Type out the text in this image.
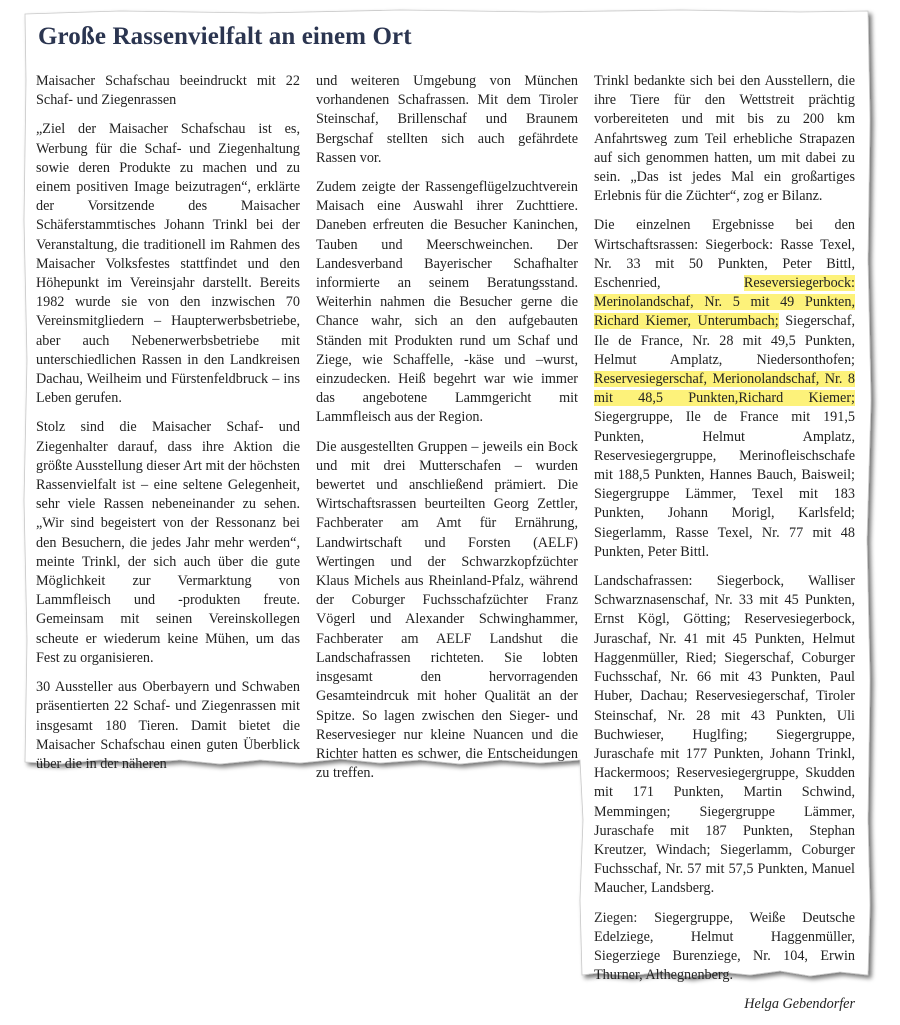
Große Rassenvielfalt an einem Ort

Maisacher Schafschau beeindruckt mit 22 Schaf- und Ziegenrassen

„Ziel der Maisacher Schafschau ist es, Werbung für die Schaf- und Ziegenhaltung sowie deren Produkte zu machen und zu einem positiven Image beizutragen“, erklärte der Vorsitzende des Maisacher Schäferstammtisches Johann Trinkl bei der Veranstaltung, die traditionell im Rahmen des Maisacher Volksfestes stattfindet und den Höhepunkt im Vereinsjahr darstellt. Bereits 1982 wurde sie von den inzwischen 70 Vereinsmitgliedern – Haupterwerbsbetriebe, aber auch Nebenerwerbsbetriebe mit unterschiedlichen Rassen in den Landkreisen Dachau, Weilheim und Fürstenfeldbruck – ins Leben gerufen.

Stolz sind die Maisacher Schaf- und Ziegenhalter darauf, dass ihre Aktion die größte Ausstellung dieser Art mit der höchsten Rassenvielfalt ist – eine seltene Gelegenheit, sehr viele Rassen nebeneinander zu sehen. „Wir sind begeistert von der Ressonanz bei den Besuchern, die jedes Jahr mehr werden“, meinte Trinkl, der sich auch über die gute Möglichkeit zur Vermarktung von Lammfleisch und -produkten freute. Gemeinsam mit seinen Vereinskollegen scheute er wiederum keine Mühen, um das Fest zu organisieren.

30 Aussteller aus Oberbayern und Schwaben präsentierten 22 Schaf- und Ziegenrassen mit insgesamt 180 Tieren. Damit bietet die Maisacher Schafschau einen guten Überblick über die in der näheren

und weiteren Umgebung von München vorhandenen Schafrassen. Mit dem Tiroler Steinschaf, Brillenschaf und Braunem Bergschaf stellten sich auch gefährdete Rassen vor.

Zudem zeigte der Rassengeflügelzuchtverein Maisach eine Auswahl ihrer Zuchttiere. Daneben erfreuten die Besucher Kaninchen, Tauben und Meerschweinchen. Der Landesverband Bayerischer Schafhalter informierte an seinem Beratungsstand. Weiterhin nahmen die Besucher gerne die Chance wahr, sich an den aufgebauten Ständen mit Produkten rund um Schaf und Ziege, wie Schaffelle, -käse und –wurst, einzudecken. Heiß begehrt war wie immer das angebotene Lammgericht mit Lammfleisch aus der Region.

Die ausgestellten Gruppen – jeweils ein Bock und mit drei Mutterschafen – wurden bewertet und anschließend prämiert. Die Wirtschaftsrassen beurteilten Georg Zettler, Fachberater am Amt für Ernährung, Landwirtschaft und Forsten (AELF) Wertingen und der Schwarzkopfzüchter Klaus Michels aus Rheinland-Pfalz, während der Coburger Fuchsschafzüchter Franz Vögerl und Alexander Schwinghammer, Fachberater am AELF Landshut die Landschafrassen richteten. Sie lobten insgesamt den hervorragenden Gesamteindrcuk mit hoher Qualität an der Spitze. So lagen zwischen den Sieger- und Reservesieger nur kleine Nuancen und die Richter hatten es schwer, die Entscheidungen zu treffen.

Trinkl bedankte sich bei den Ausstellern, die ihre Tiere für den Wettstreit prächtig vorbereiteten und mit bis zu 200 km Anfahrtsweg zum Teil erhebliche Strapazen auf sich genommen hatten, um mit dabei zu sein. „Das ist jedes Mal ein großartiges Erlebnis für die Züchter“, zog er Bilanz.

Die einzelnen Ergebnisse bei den Wirtschaftsrassen: Siegerbock: Rasse Texel, Nr. 33 mit 50 Punkten, Peter Bittl, Eschenried, Reseversiegerbock: Merinolandschaf, Nr. 5 mit 49 Punkten, Richard Kiemer, Unterumbach; Siegerschaf, Ile de France, Nr. 28 mit 49,5 Punkten, Helmut Amplatz, Niedersonthofen; Reservesiegerschaf, Merionolandschaf, Nr. 8 mit 48,5 Punkten,Richard Kiemer; Siegergruppe, Ile de France mit 191,5 Punkten, Helmut Amplatz, Reservesiegergruppe, Merinofleischschafe mit 188,5 Punkten, Hannes Bauch, Baisweil; Siegergruppe Lämmer, Texel mit 183 Punkten, Johann Morigl, Karlsfeld; Siegerlamm, Rasse Texel, Nr. 77 mit 48 Punkten, Peter Bittl.

Landschafrassen: Siegerbock, Walliser Schwarznasenschaf, Nr. 33 mit 45 Punkten, Ernst Kögl, Götting; Reservesiegerbock, Juraschaf, Nr. 41 mit 45 Punkten, Helmut Haggenmüller, Ried; Siegerschaf, Coburger Fuchsschaf, Nr. 66 mit 43 Punkten, Paul Huber, Dachau; Reservesiegerschaf, Tiroler Steinschaf, Nr. 28 mit 43 Punkten, Uli Buchwieser, Huglfing; Siegergruppe, Juraschafe mit 177 Punkten, Johann Trinkl, Hackermoos; Reservesiegergruppe, Skudden mit 171 Punkten, Martin Schwind, Memmingen; Siegergruppe Lämmer, Juraschafe mit 187 Punkten, Stephan Kreutzer, Windach; Siegerlamm, Coburger Fuchsschaf, Nr. 57 mit 57,5 Punkten, Manuel Maucher, Landsberg.

Ziegen: Siegergruppe, Weiße Deutsche Edelziege, Helmut Haggenmüller, Siegerziege Burenziege, Nr. 104, Erwin Thurner, Althegnenberg.

Helga Gebendorfer
